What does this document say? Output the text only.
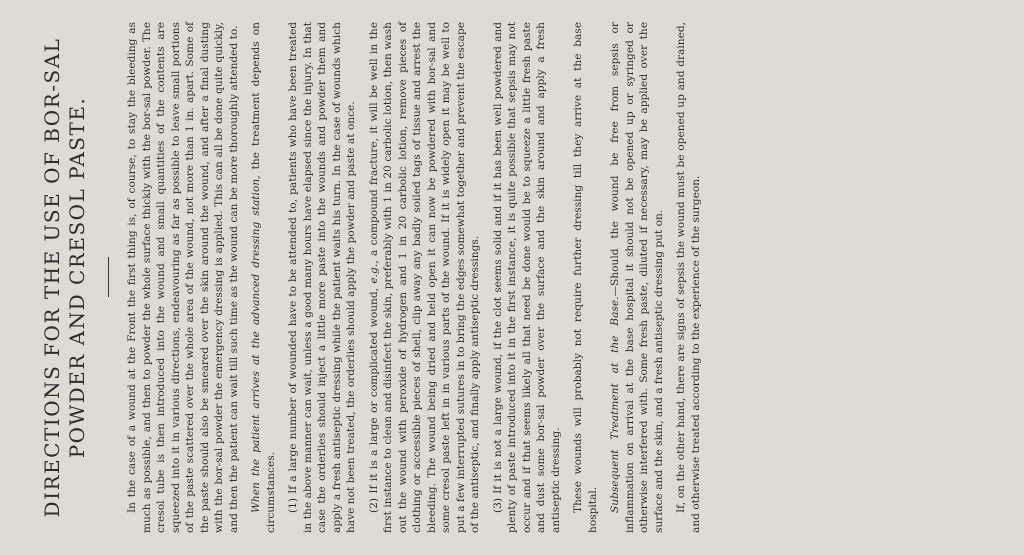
DIRECTIONS FOR THE USE OF BOR-SAL POWDER AND CRESOL PASTE.	In the case of a wound at the Front the first thing is, of course, to stay the bleeding as much as possible, and then to powder the whole surface thickly with the bor-sal powder. The cresol tube is then introduced into the wound and small quantities of the contents are squeezed into it in various directions, endeavouring as far as possible to leave small portions of the paste scattered over the whole area of the wound, not more than 1 in. apart. Some of the paste should also be smeared over the skin around the wound, and after a final dusting with the bor-sal powder the emergency dressing is applied. This can all be done quite quickly, and then the patient can wait till such time as the wound can be more thoroughly attended to. When the patient arrives at the advanced dressing station, the treatment depends on circumstances. (1) If a large number of wounded have to be attended to, patients who have been treated in the above manner can wait, unless a good many hours have elapsed since the injury. In that case the orderlies should inject a little more paste into the wounds and powder them and apply a fresh antiseptic dressing while the patient waits his turn. In the case of wounds which have not been treated, the orderlies should apply the powder and paste at once. (2) If it is a large or complicated wound, e.g., a compound fracture, it will be well in the first instance to clean and disinfect the skin, preferably with 1 in 20 carbolic lotion, then wash out the wound with peroxide of hydrogen and 1 in 20 carbolic lotion, remove pieces of clothing or accessible pieces of shell, clip away any badly soiled tags of tissue and arrest the bleeding. The wound being dried and held open it can now be powdered with bor-sal and some cresol paste left in in various parts of the wound. If it is widely open it may be well to put a few interrupted sutures in to bring the edges somewhat together and prevent the escape of the antiseptic, and finally apply antiseptic dressings. (3) If it is not a large wound, if the clot seems solid and if it has been well powdered and plenty of paste introduced into it in the first instance, it is quite possible that sepsis may not occur and if that seems likely all that need be done would be to squeeze a little fresh paste and dust some bor-sal powder over the surface and the skin around and apply a fresh antiseptic dressing. These wounds will probably not require further dressing till they arrive at the base hospital. Subsequent Treatment at the Base.—Should the wound be free from sepsis or inflammation on arrival at the base hospital it should not be opened up or syringed or otherwise interfered with. Some fresh paste, diluted if necessary, may be applied over the surface and the skin, and a fresh antiseptic dressing put on. If, on the other hand, there are signs of sepsis the wound must be opened up and drained, and otherwise treated according to the experience of the surgeon.
